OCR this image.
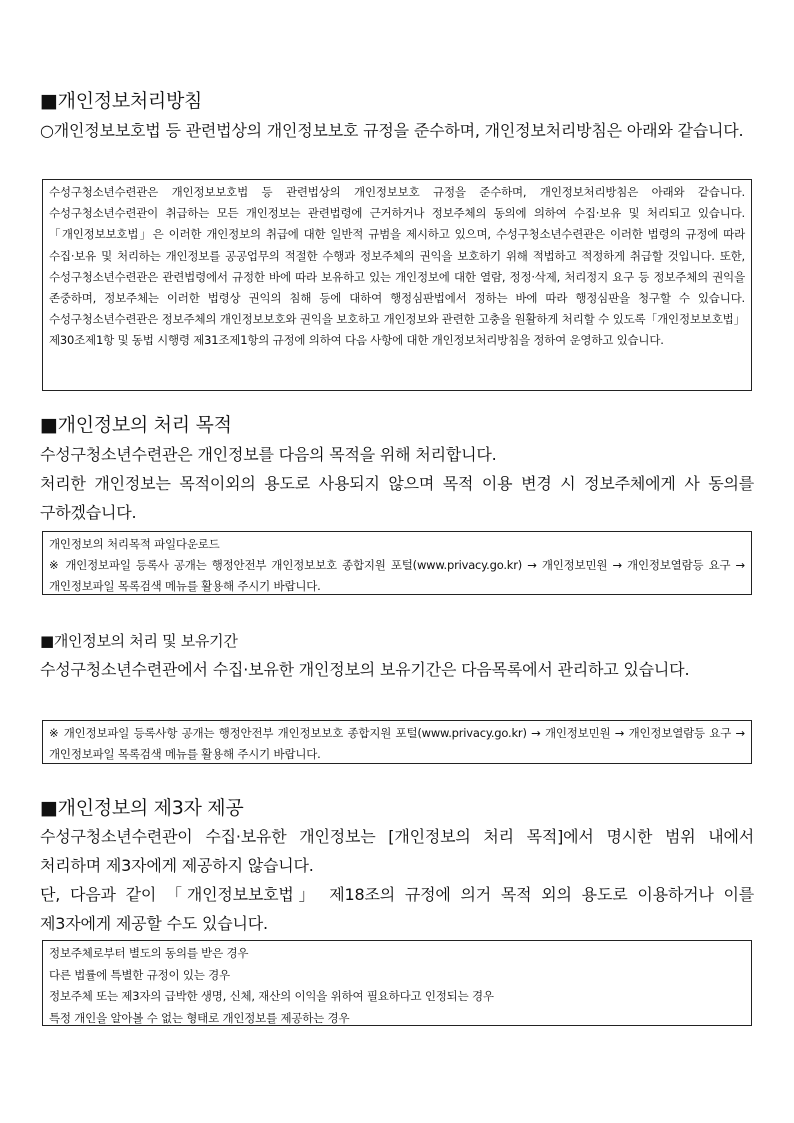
■개인정보처리방침
○개인정보보호법 등 관련법상의 개인정보보호 규정을 준수하며, 개인정보처리방침은 아래와 같습니다.
수성구청소년수련관은 개인정보보호법 등 관련법상의 개인정보보호 규정을 준수하며, 개인정보처리방침은 아래와 같습니다. 수성구청소년수련관이 취급하는 모든 개인정보는 관련법령에 근거하거나 정보주체의 동의에 의하여 수집·보유 및 처리되고 있습니다.「개인정보보호법」은 이러한 개인정보의 취급에 대한 일반적 규범을 제시하고 있으며, 수성구청소년수련관은 이러한 법령의 규정에 따라 수집·보유 및 처리하는 개인정보를 공공업무의 적절한 수행과 정보주체의 권익을 보호하기 위해 적법하고 적정하게 취급할 것입니다. 또한, 수성구청소년수련관은 관련법령에서 규정한 바에 따라 보유하고 있는 개인정보에 대한 열람, 정정·삭제, 처리정지 요구 등 정보주체의 권익을 존중하며, 정보주체는 이러한 법령상 권익의 침해 등에 대하여 행정심판법에서 정하는 바에 따라 행정심판을 청구할 수 있습니다. 수성구청소년수련관은 정보주체의 개인정보보호와 권익을 보호하고 개인정보와 관련한 고충을 원활하게 처리할 수 있도록「개인정보보호법」 제30조제1항 및 동법 시행령 제31조제1항의 규정에 의하여 다음 사항에 대한 개인정보처리방침을 정하여 운영하고 있습니다.
■개인정보의 처리 목적
수성구청소년수련관은 개인정보를 다음의 목적을 위해 처리합니다.
처리한 개인정보는 목적이외의 용도로 사용되지 않으며 목적 이용 변경 시 정보주체에게 사 동의를 구하겠습니다.
개인정보의 처리목적 파일다운로드
※ 개인정보파일 등록사 공개는 행정안전부 개인정보보호 종합지원 포털(www.privacy.go.kr) → 개인정보민원 → 개인정보열람등 요구 → 개인정보파일 목록검색 메뉴를 활용해 주시기 바랍니다.
■개인정보의 처리 및 보유기간
수성구청소년수련관에서 수집·보유한 개인정보의 보유기간은 다음목록에서 관리하고 있습니다.
※ 개인정보파일 등록사항 공개는 행정안전부 개인정보보호 종합지원 포털(www.privacy.go.kr) → 개인정보민원 → 개인정보열람등 요구 → 개인정보파일 목록검색 메뉴를 활용해 주시기 바랍니다.
■개인정보의 제3자 제공
수성구청소년수련관이 수집·보유한 개인정보는 [개인정보의 처리 목적]에서 명시한 범위 내에서 처리하며 제3자에게 제공하지 않습니다.
단, 다음과 같이 「개인정보보호법」 제18조의 규정에 의거 목적 외의 용도로 이용하거나 이를 제3자에게 제공할 수도 있습니다.
정보주체로부터 별도의 동의를 받은 경우
다른 법률에 특별한 규정이 있는 경우
정보주체 또는 제3자의 급박한 생명, 신체, 재산의 이익을 위하여 필요하다고 인정되는 경우
특정 개인을 알아볼 수 없는 형태로 개인정보를 제공하는 경우
